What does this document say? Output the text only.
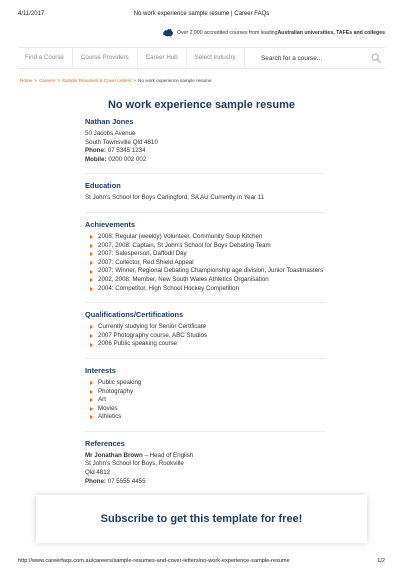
4/11/2017	No work experience sample resume | Career FAQs
Over 2,000 accredited courses from leading Australian universities, TAFEs and colleges
Find a Course	Course Providers	Career Hub	Select Industry
Search for a course...
Home > Careers > Sample Resumes & Cover Letters > No work experience sample resume
No work experience sample resume
Nathan Jones
50 Jacobs Avenue
South Townsville Qld 4810
Phone: 07 5345 1234
Mobile: 0200 002 002
Education
St John's School for Boys Carlingford, SA AU Currently in Year 11
Achievements
2008: Regular (weekly) Volunteer, Community Soup Kitchen
2007, 2008: Captain, St John's School for Boys Debating Team
2007: Salesperson, Daffodil Day
2007: Collector, Red Shield Appeal
2007: Winner, Regional Debating Championship age division, Junior Toastmasters
2002, 2008: Member, New South Wales Athletics Organisation
2004: Competitor, High School Hockey Competition
Qualifications/Certifications
Currently studying for Senior Certificate
2007 Photography course, ABC Studios
2006 Public speaking course
Interests
Public speaking
Photography
Art
Movies
Athletics
References
Mr Jonathan Brown – Head of English
St John's School for Boys, Rookville
Qld 4812
Phone: 07 5555 4455
Subscribe to get this template for free!
http://www.careerfaqs.com.au/careers/sample-resumes-and-cover-letters/no-work-experience-sample-resume	1/2
